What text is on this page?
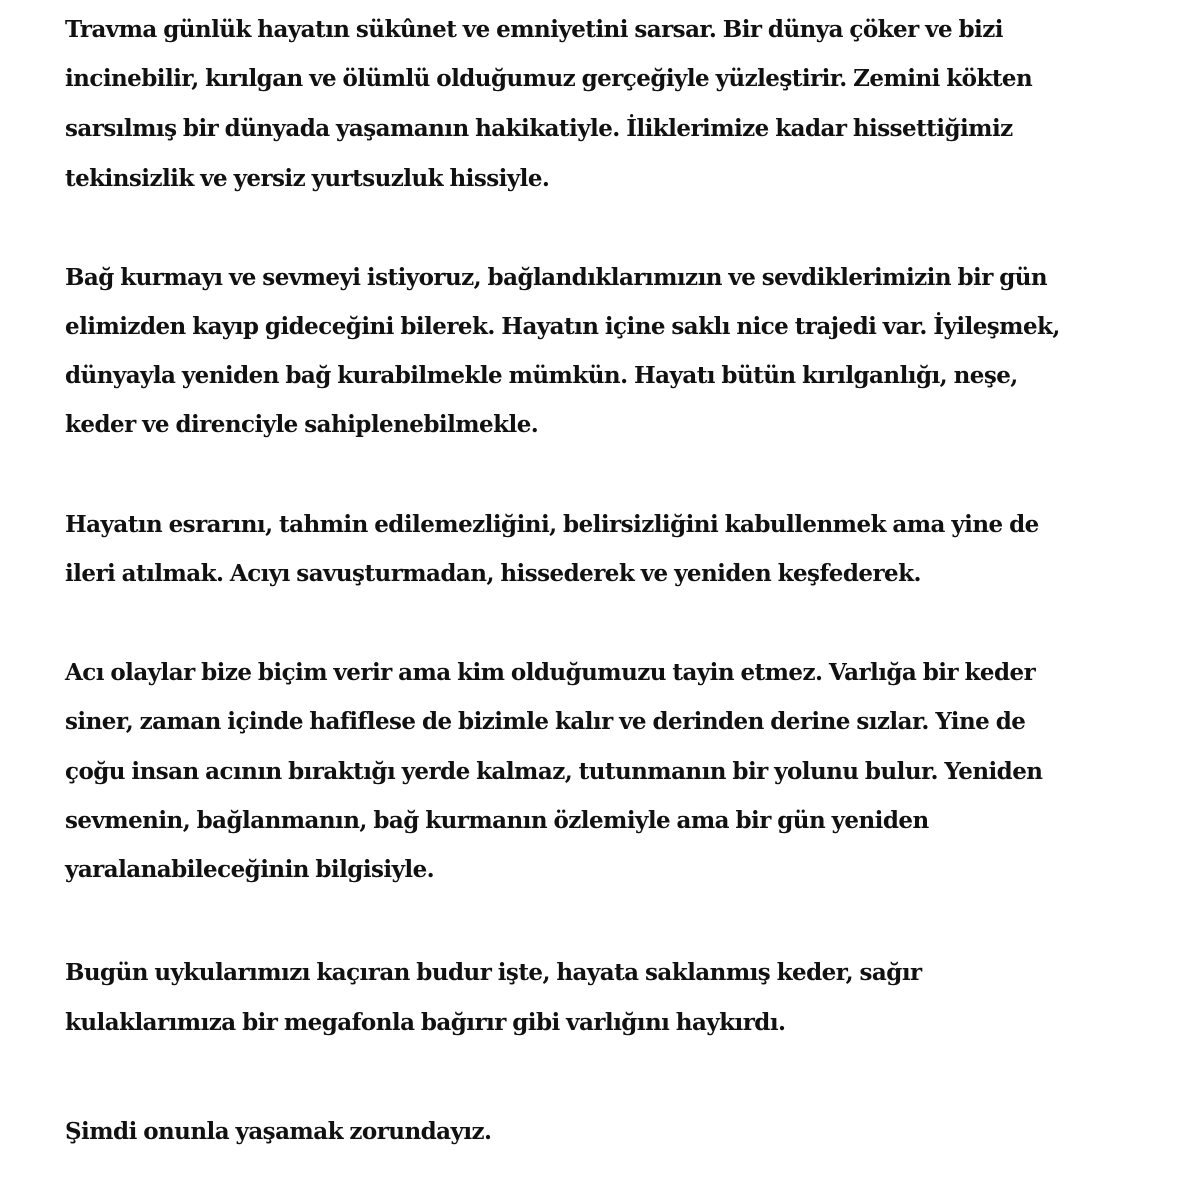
Travma günlük hayatın sükûnet ve emniyetini sarsar. Bir dünya çöker ve bizi

incinebilir, kırılgan ve ölümlü olduğumuz gerçeğiyle yüzleştirir. Zemini kökten

sarsılmış bir dünyada yaşamanın hakikatiyle. İliklerimize kadar hissettiğimiz

tekinsizlik ve yersiz yurtsuzluk hissiyle.

Bağ kurmayı ve sevmeyi istiyoruz, bağlandıklarımızın ve sevdiklerimizin bir gün

elimizden kayıp gideceğini bilerek. Hayatın içine saklı nice trajedi var. İyileşmek,

dünyayla yeniden bağ kurabilmekle mümkün. Hayatı bütün kırılganlığı, neşe,

keder ve direnciyle sahiplenebilmekle.

Hayatın esrarını, tahmin edilemezliğini, belirsizliğini kabullenmek ama yine de

ileri atılmak. Acıyı savuşturmadan, hissederek ve yeniden keşfederek.

Acı olaylar bize biçim verir ama kim olduğumuzu tayin etmez. Varlığa bir keder

siner, zaman içinde hafiflese de bizimle kalır ve derinden derine sızlar. Yine de

çoğu insan acının bıraktığı yerde kalmaz, tutunmanın bir yolunu bulur. Yeniden

sevmenin, bağlanmanın, bağ kurmanın özlemiyle ama bir gün yeniden

yaralanabileceğinin bilgisiyle.

Bugün uykularımızı kaçıran budur işte, hayata saklanmış keder, sağır

kulaklarımıza bir megafonla bağırır gibi varlığını haykırdı.

Şimdi onunla yaşamak zorundayız.
